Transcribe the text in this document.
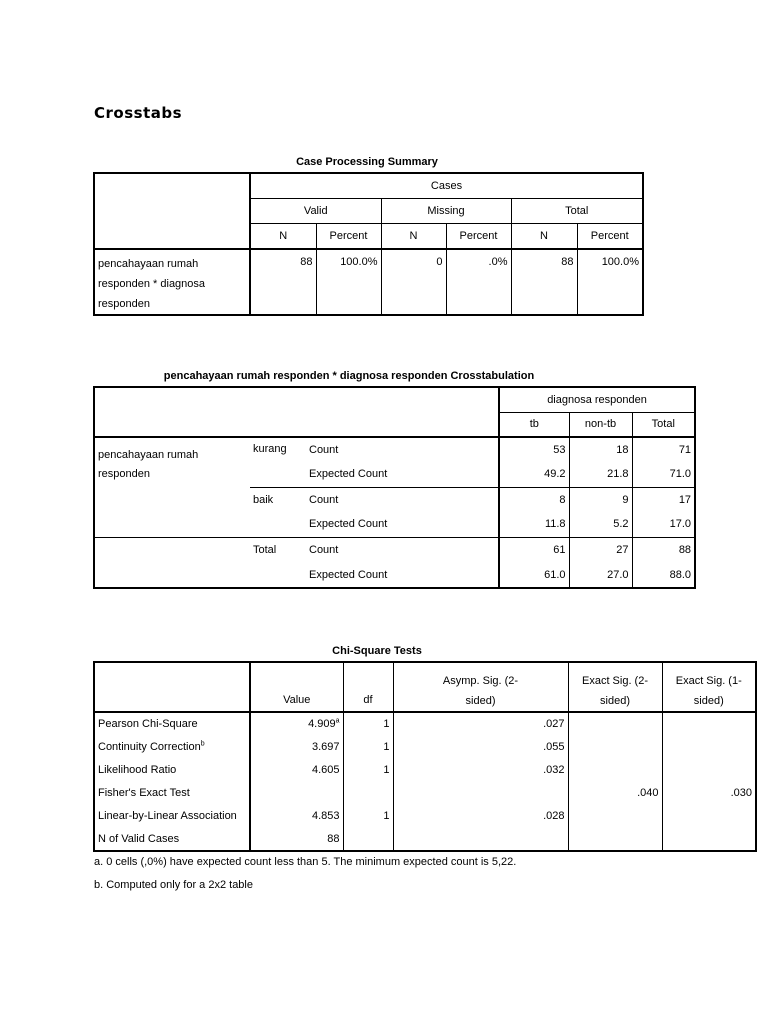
Crosstabs
Case Processing Summary
	Cases					
	Valid		Missing		Total	
	N	Percent	N	Percent	N	Percent
pencahayaan rumah responden * diagnosa responden	88	100.0%	0	.0%	88	100.0%
pencahayaan rumah responden * diagnosa responden Crosstabulation
			diagnosa responden		
			tb	non-tb	Total
pencahayaan rumah responden	kurang	Count	53	18	71
		Expected Count	49.2	21.8	71.0
	baik	Count	8	9	17
		Expected Count	11.8	5.2	17.0
	Total	Count	61	27	88
		Expected Count	61.0	27.0	88.0
Chi-Square Tests
	Value	df	Asymp. Sig. (2-sided)	Exact Sig. (2-sided)	Exact Sig. (1-sided)

Pearson Chi-Square	4.909$^a$	1	.027		
Continuity Correction$^b$	3.697	1	.055		
Likelihood Ratio	4.605	1	.032		
Fisher's Exact Test				.040	.030
Linear-by-Linear Association	4.853	1	.028		
N of Valid Cases	88				
a. 0 cells (,0%) have expected count less than 5. The minimum expected count is 5,22.
b. Computed only for a 2x2 table
